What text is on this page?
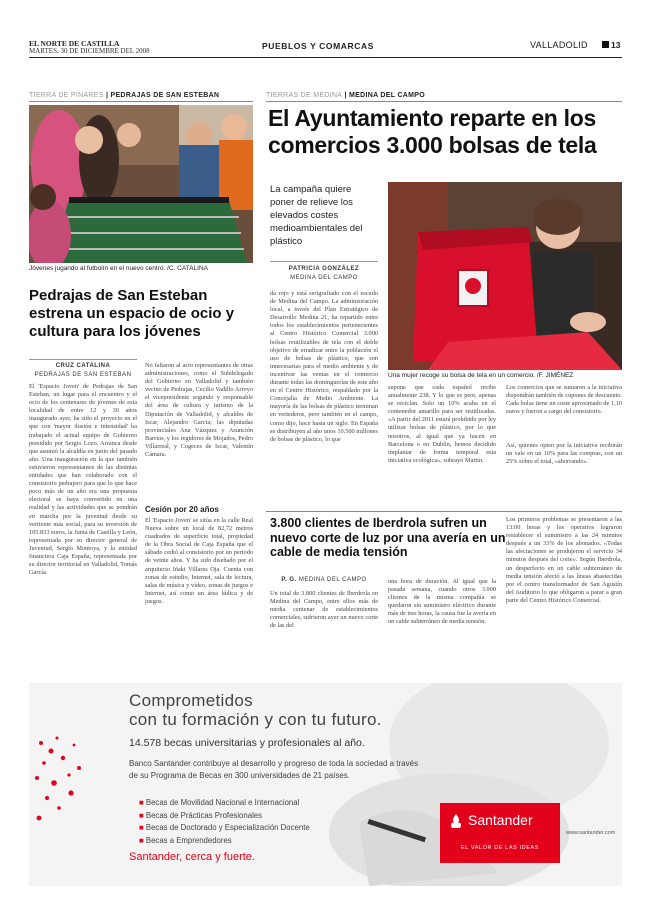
EL NORTE DE CASTILLA
MARTES, 30 DE DICIEMBRE DEL 2008	PUEBLOS Y COMARCAS	VALLADOLID	13
TIERRA DE PINARES | PEDRAJAS DE SAN ESTEBAN
Jóvenes jugando al futbolín en el nuevo centro. /C. CATALINA
Pedrajas de San Esteban estrena un espacio de ocio y cultura para los jóvenes
CRUZ CATALINA
PEDRAJAS DE SAN ESTEBAN
El 'Espacio Joven' de Pedrajas de San Esteban, un lugar para el encuentro y el ocio de los centenares de jóvenes de esta localidad de entre 12 y 30 años inaugurado ayer, ha sido el proyecto en el que con 'mayor ilusión e intensidad' ha trabajado el actual equipo de Gobierno presidido por Sergio Lozo. Arranca desde que asumió la alcaldía en junio del pasado año. Una inauguración en la que también estuvieron representantes de las distintas entidades que han colaborado con el consistorio pedrajero para que lo que hace poco más de un año era una propuesta electoral se haya convertido en una realidad y las actividades que se pondrán en marcha por la juventud desde su vertiente más social, para su inversión de 105.833 euros, la Junta de Castilla y León, representada por su director general de Juventud, Sergio Montoya, y la entidad financiera Caja España, representada por su director territorial en Valladolid, Tomás García.
No faltaron al acto representantes de otras administraciones, como el Subdelegado del Gobierno en Valladolid y también vecino de Pedrajas, Cecilio Vadillo Arroyo el vicepresidente segundo y responsable del área de cultura y turismo de la Diputación de Valladolid, y alcaldes de Iscar, Alejandro Garcia; las diputadas provinciales Ana Vázquez y Asunción Barrios, y los regidores de Mojados, Pedro Villarreal, y Cogeces de Iscar, Valentín Cámara.
Cesión por 20 años
El 'Espacio Joven' se sitúa en la calle Real Nueva sobre un local de 82,72 metros cuadrados de superficie total, propiedad de la Obra Social de Caja España que el sábado cedió al consistorio por un periodo de veinte años. Y ha sido diseñado por el arquitecto Iñaki Villares Oja. Cuenta con zonas de estudio, Internet, sala de lectura, salas de música y vídeo, zonas de juegos e Internet, así como un área lúdica y de juegos.
TIERRAS DE MEDINA | MEDINA DEL CAMPO
El Ayuntamiento reparte en los comercios 3.000 bolsas de tela
La campaña quiere poner de relieve los elevados costes medioambientales del plástico
PATRICIA GONZÁLEZ
MEDINA DEL CAMPO
Una mujer recoge su bolsa de tela en un comercio. /F. JIMÉNEZ
da rojo y está serigrafiado con el escudo de Medina del Campo. La administración local, a través del Plan Estratégico de Desarrollo Medina 21, ha repartido entre todos los establecimientos pertenecientes al Centro Histórico Comercial 3.000 bolsas reutilizables de tela con el doble objetivo de erradicar entre la población el uso de bolsas de plástico, que son innecesarias para el medio ambiente y de incentivar las ventas en el comercio durante todas las dominguerías de este año en el Centro Histórico, respaldado por la Concejalía de Medio Ambiente. La mayoría de las bolsas de plástico terminan en vertederos, pero también en el campo, como dijo, hace hasta un siglo. En España se distribuyen al año unos 10.500 millones de bolsas de plástico, lo que
supone que cada español recibe anualmente 238. Y lo que es peor, apenas se reciclan. Solo un 10% acaba en el contenedor amarillo para ser reutilizadas. «A partir del 2011 estará prohibido por ley utilizar bolsas de plástico, por lo que nosotros, al igual que ya hacen en Barcelona o en Dublín, hemos decidido implantar de forma temporal esta iniciativa ecológica», subrayó Martín.
Los comercios que se sumaron a la iniciativa dispondrán también de cupones de descuento. Cada bolsa tiene un coste aproximado de 1,10 euros y fueron a cargo del consistorio.
Así, quienes opten por la iniciativa recibirán un vale en un 10% para las compras, con un 25% sobre el total, «ahorrando».
3.800 clientes de Iberdrola sufren un nuevo corte de luz por una avería en un cable de media tensión
P. G. MEDINA DEL CAMPO
Un total de 3.800 clientes de Iberdrola en Medina del Campo, entre ellos más de media centenar de establecimientos comerciales, sufrieron ayer un nuevo corte de las del
una hora de duración. Al igual que la pasada semana, cuando otros 3.900 clientes de la misma compañía se quedaron sin suministro eléctrico durante más de tres horas, la causa fue la avería en un cable subterráneo de media tensión.
Los primeros problemas se presentaron a las 13:00 horas y los operarios lograron restablecer el suministro a las 24 minutos después a un 33% de los abonados. «Todas las afectaciones se produjeron el servicio 34 minutos después del corte». Según Iberdrola, un desperfecto en un cable subterráneo de media tensión afectó a las líneas abastecidas por el centro transformador de San Agustín del Auditorio lo que obligaron a parar a gran parte del Centro Histórico Comercial.
Comprometidos
con tu formación y con tu futuro.
14.578 becas universitarias y profesionales al año.
Banco Santander contribuye al desarrollo y progreso de toda la sociedad a través de su Programa de Becas en 300 universidades de 21 países.
■ Becas de Movilidad Nacional e Internacional
■ Becas de Prácticas Profesionales
■ Becas de Doctorado y Especialización Docente
■ Becas a Emprendedores
Santander, cerca y fuerte.
Santander
EL VALOR DE LAS IDEAS
www.santander.com
